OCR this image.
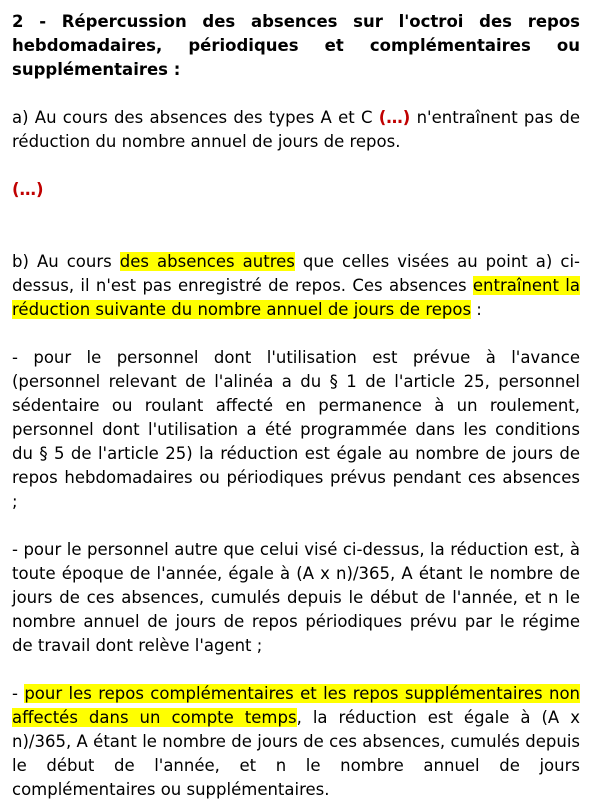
2 - Répercussion des absences sur l'octroi des repos hebdomadaires, périodiques et complémentaires ou supplémentaires :

a) Au cours des absences des types A et C (…) n'entraînent pas de réduction du nombre annuel de jours de repos.

(…)

b) Au cours des absences autres que celles visées au point a) ci-dessus, il n'est pas enregistré de repos. Ces absences entraînent la réduction suivante du nombre annuel de jours de repos :

- pour le personnel dont l'utilisation est prévue à l'avance (personnel relevant de l'alinéa a du § 1 de l'article 25, personnel sédentaire ou roulant affecté en permanence à un roulement, personnel dont l'utilisation a été programmée dans les conditions du § 5 de l'article 25) la réduction est égale au nombre de jours de repos hebdomadaires ou périodiques prévus pendant ces absences ;

- pour le personnel autre que celui visé ci-dessus, la réduction est, à toute époque de l'année, égale à (A x n)/365, A étant le nombre de jours de ces absences, cumulés depuis le début de l'année, et n le nombre annuel de jours de repos périodiques prévu par le régime de travail dont relève l'agent ;

- pour les repos complémentaires et les repos supplémentaires non affectés dans un compte temps, la réduction est égale à (A x n)/365, A étant le nombre de jours de ces absences, cumulés depuis le début de l'année, et n le nombre annuel de jours complémentaires ou supplémentaires.
